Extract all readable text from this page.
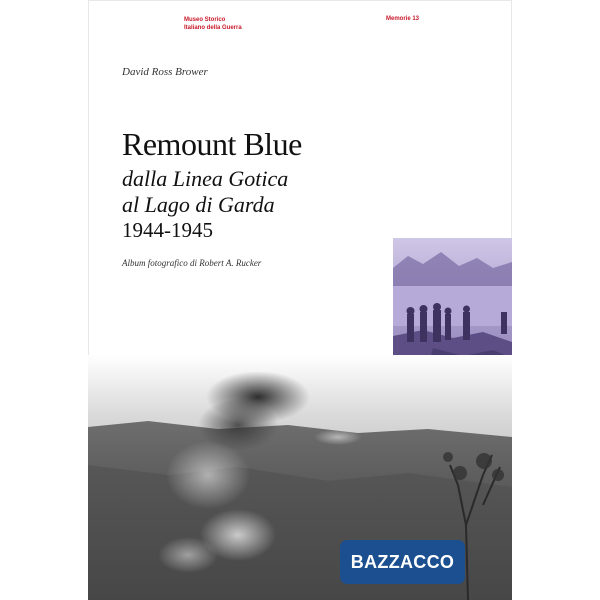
Museo Storico
Italiano della Guerra
Memorie 13
David Ross Brower
Remount Blue
dalla Linea Gotica
al Lago di Garda
1944-1945
Album fotografico di Robert A. Rucker
BAZZACCO
